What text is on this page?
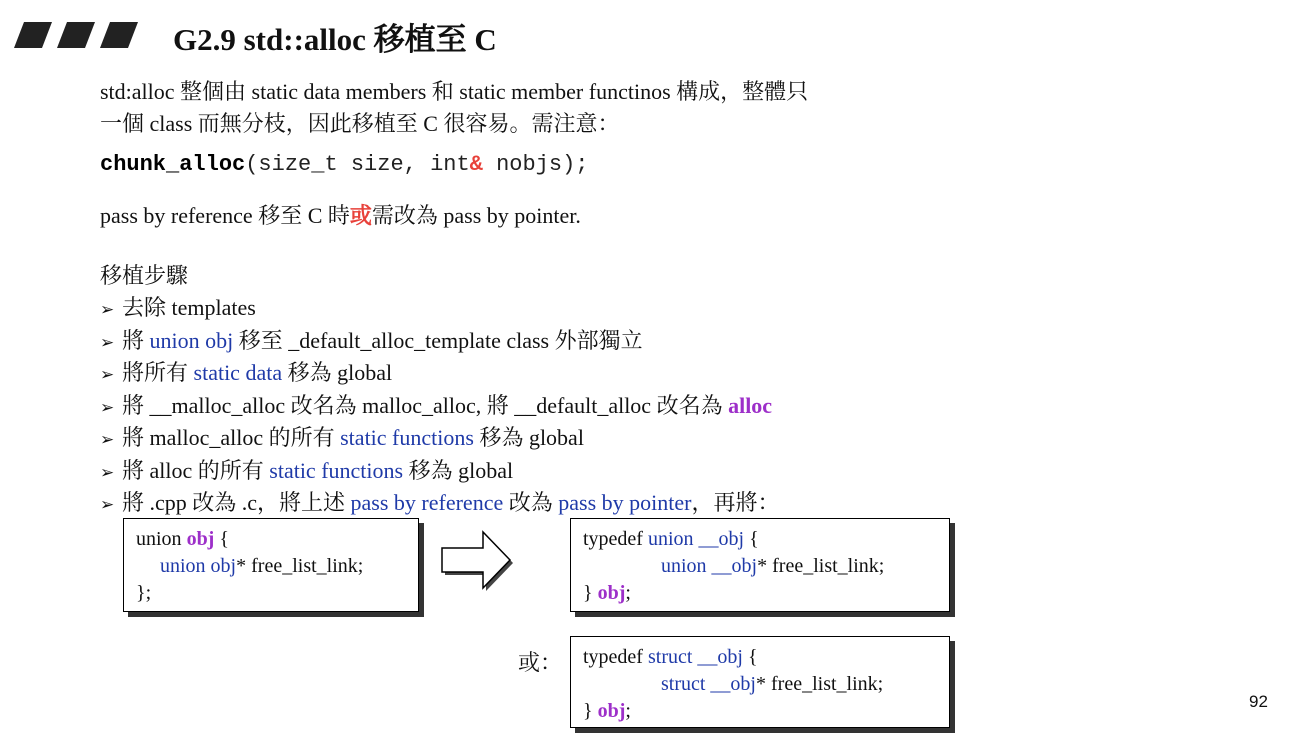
G2.9 std::alloc 移植至 C
std:alloc 整個由 static data members 和 static member functinos 構成，整體只
一個 class 而無分枝，因此移植至 C 很容易。需注意：
chunk_alloc(size_t size, int& nobjs);
pass by reference 移至 C 時或需改為 pass by pointer.
移植步驟
➢ 去除 templates
➢ 將 union obj 移至 _default_alloc_template class 外部獨立
➢ 將所有 static data 移為 global
➢ 將 __malloc_alloc 改名為 malloc_alloc, 將 __default_alloc 改名為 alloc
➢ 將 malloc_alloc 的所有 static functions 移為 global
➢ 將 alloc 的所有 static functions 移為 global
➢ 將 .cpp 改為 .c，將上述 pass by reference 改為 pass by pointer，再將：
union obj {
union obj* free_list_link;
};
typedef union __obj {
union __obj* free_list_link;
} obj;
或： typedef struct __obj {
struct __obj* free_list_link;
} obj;	92
